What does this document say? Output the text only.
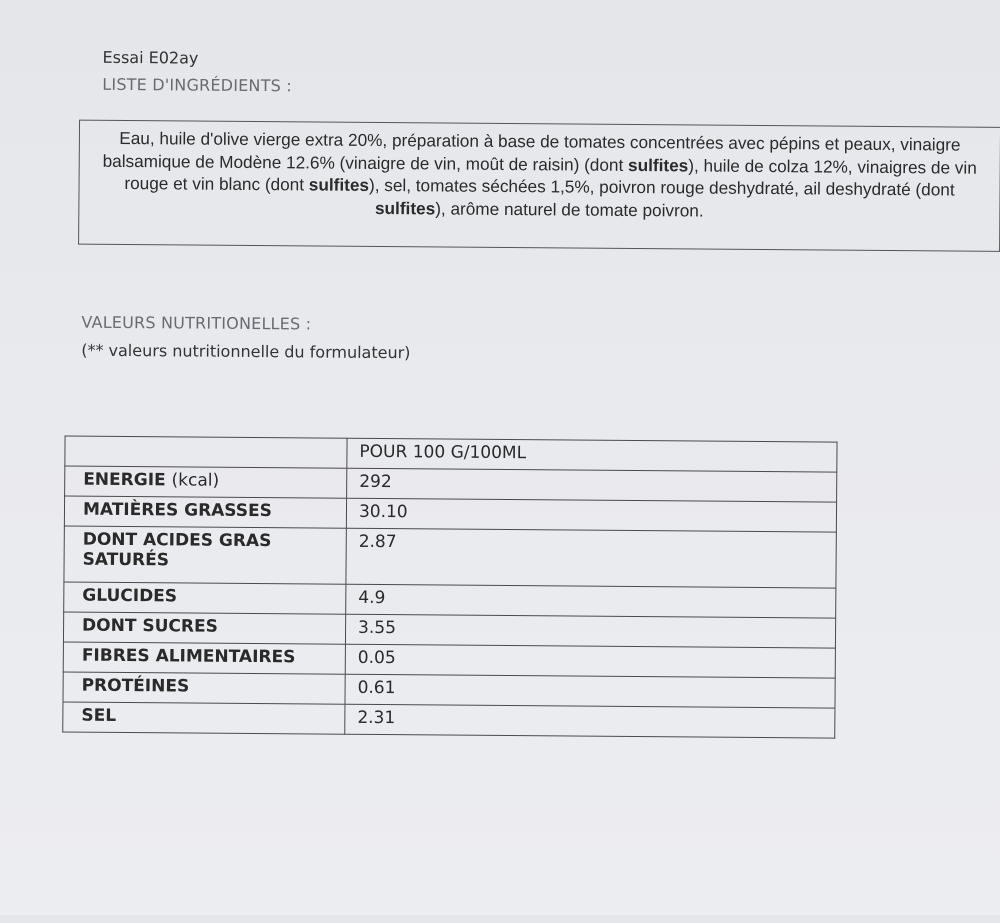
Essai E02ay
LISTE D'INGRÉDIENTS :
Eau, huile d'olive vierge extra 20%, préparation à base de tomates concentrées avec pépins et peaux, vinaigre balsamique de Modène 12.6% (vinaigre de vin, moût de raisin) (dont sulfites), huile de colza 12%, vinaigres de vin rouge et vin blanc (dont sulfites), sel, tomates séchées 1,5%, poivron rouge deshydraté, ail deshydraté (dont sulfites), arôme naturel de tomate poivron.
VALEURS NUTRITIONELLES :
(** valeurs nutritionnelle du formulateur)
	POUR 100 G/100ML
ENERGIE (kcal)	292
MATIÈRES GRASSES	30.10
DONT ACIDES GRAS SATURÉS	2.87
GLUCIDES	4.9
DONT SUCRES	3.55
FIBRES ALIMENTAIRES	0.05
PROTÉINES	0.61
SEL	2.31
